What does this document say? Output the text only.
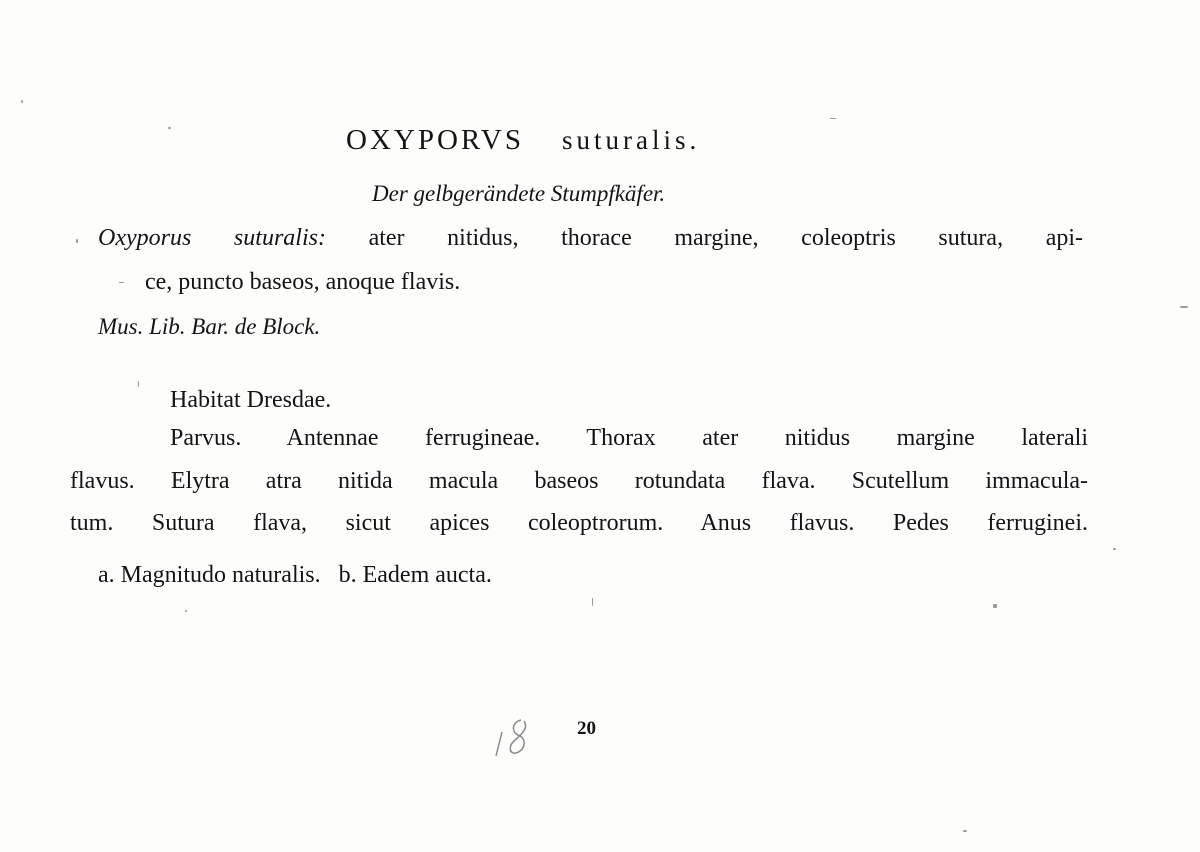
OXYPORVS suturalis.
Der gelbgerändete Stumpfkäfer.
Oxyporus suturalis: ater nitidus, thorace margine, coleoptris sutura, api-
ce, puncto baseos, anoque flavis.
Mus. Lib. Bar. de Block.
Habitat Dresdae.
Parvus. Antennae ferrugineae. Thorax ater nitidus margine laterali
flavus. Elytra atra nitida macula baseos rotundata flava. Scutellum immacula-
tum. Sutura flava, sicut apices coleoptrorum. Anus flavus. Pedes ferruginei.
a. Magnitudo naturalis.   b. Eadem aucta.
20
